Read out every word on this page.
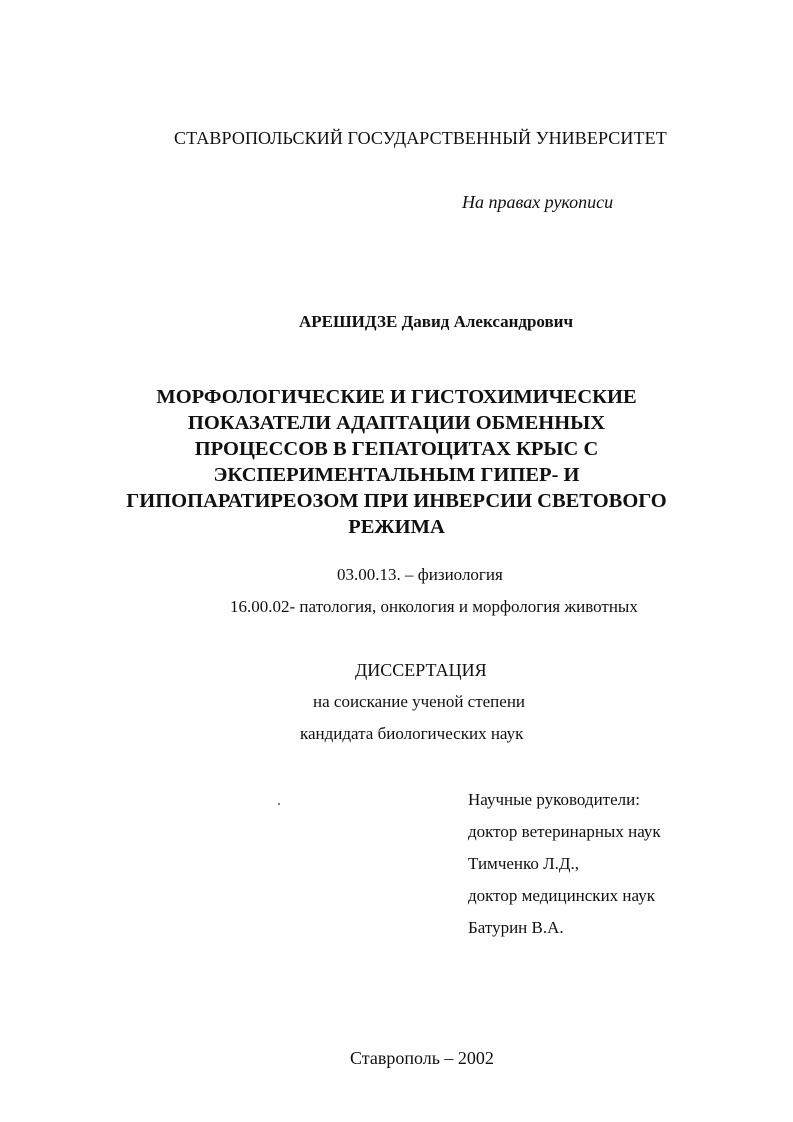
СТАВРОПОЛЬСКИЙ ГОСУДАРСТВЕННЫЙ УНИВЕРСИТЕТ
На правах рукописи
АРЕШИДЗЕ Давид Александрович
МОРФОЛОГИЧЕСКИЕ И ГИСТОХИМИЧЕСКИЕ
ПОКАЗАТЕЛИ АДАПТАЦИИ ОБМЕННЫХ
ПРОЦЕССОВ В ГЕПАТОЦИТАХ КРЫС С
ЭКСПЕРИМЕНТАЛЬНЫМ ГИПЕР- И
ГИПОПАРАТИРЕОЗОМ ПРИ ИНВЕРСИИ СВЕТОВОГО
РЕЖИМА
03.00.13. – физиология
16.00.02- патология, онкология и морфология животных
ДИССЕРТАЦИЯ
на соискание ученой степени
кандидата биологических наук
Научные руководители:
доктор ветеринарных наук
Тимченко Л.Д.,
доктор медицинских наук
Батурин В.А.
Ставрополь – 2002
